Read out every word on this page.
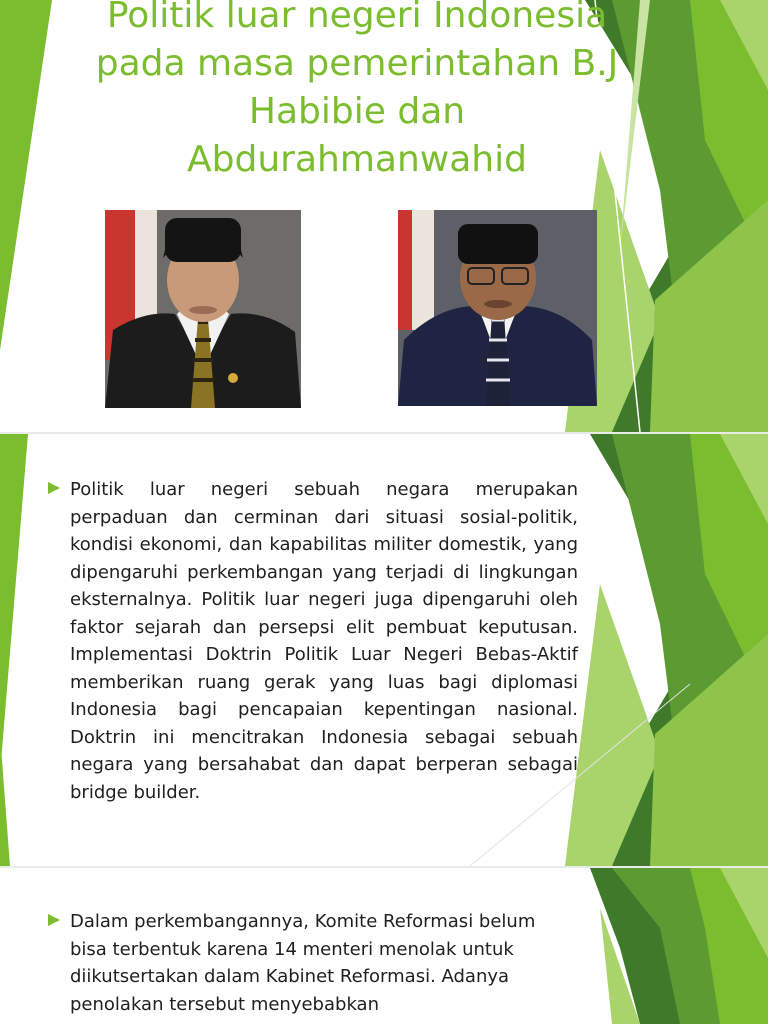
Politik luar negeri Indonesia pada masa pemerintahan B.J Habibie dan Abdurahmanwahid

Politik luar negeri sebuah negara merupakan perpaduan dan cerminan dari situasi sosial-politik, kondisi ekonomi, dan kapabilitas militer domestik, yang dipengaruhi perkembangan yang terjadi di lingkungan eksternalnya. Politik luar negeri juga dipengaruhi oleh faktor sejarah dan persepsi elit pembuat keputusan. Implementasi Doktrin Politik Luar Negeri Bebas-Aktif memberikan ruang gerak yang luas bagi diplomasi Indonesia bagi pencapaian kepentingan nasional. Doktrin ini mencitrakan Indonesia sebagai sebuah negara yang bersahabat dan dapat berperan sebagai bridge builder.

Dalam perkembangannya, Komite Reformasi belum bisa terbentuk karena 14 menteri menolak untuk diikutsertakan dalam Kabinet Reformasi. Adanya penolakan tersebut menyebabkan
